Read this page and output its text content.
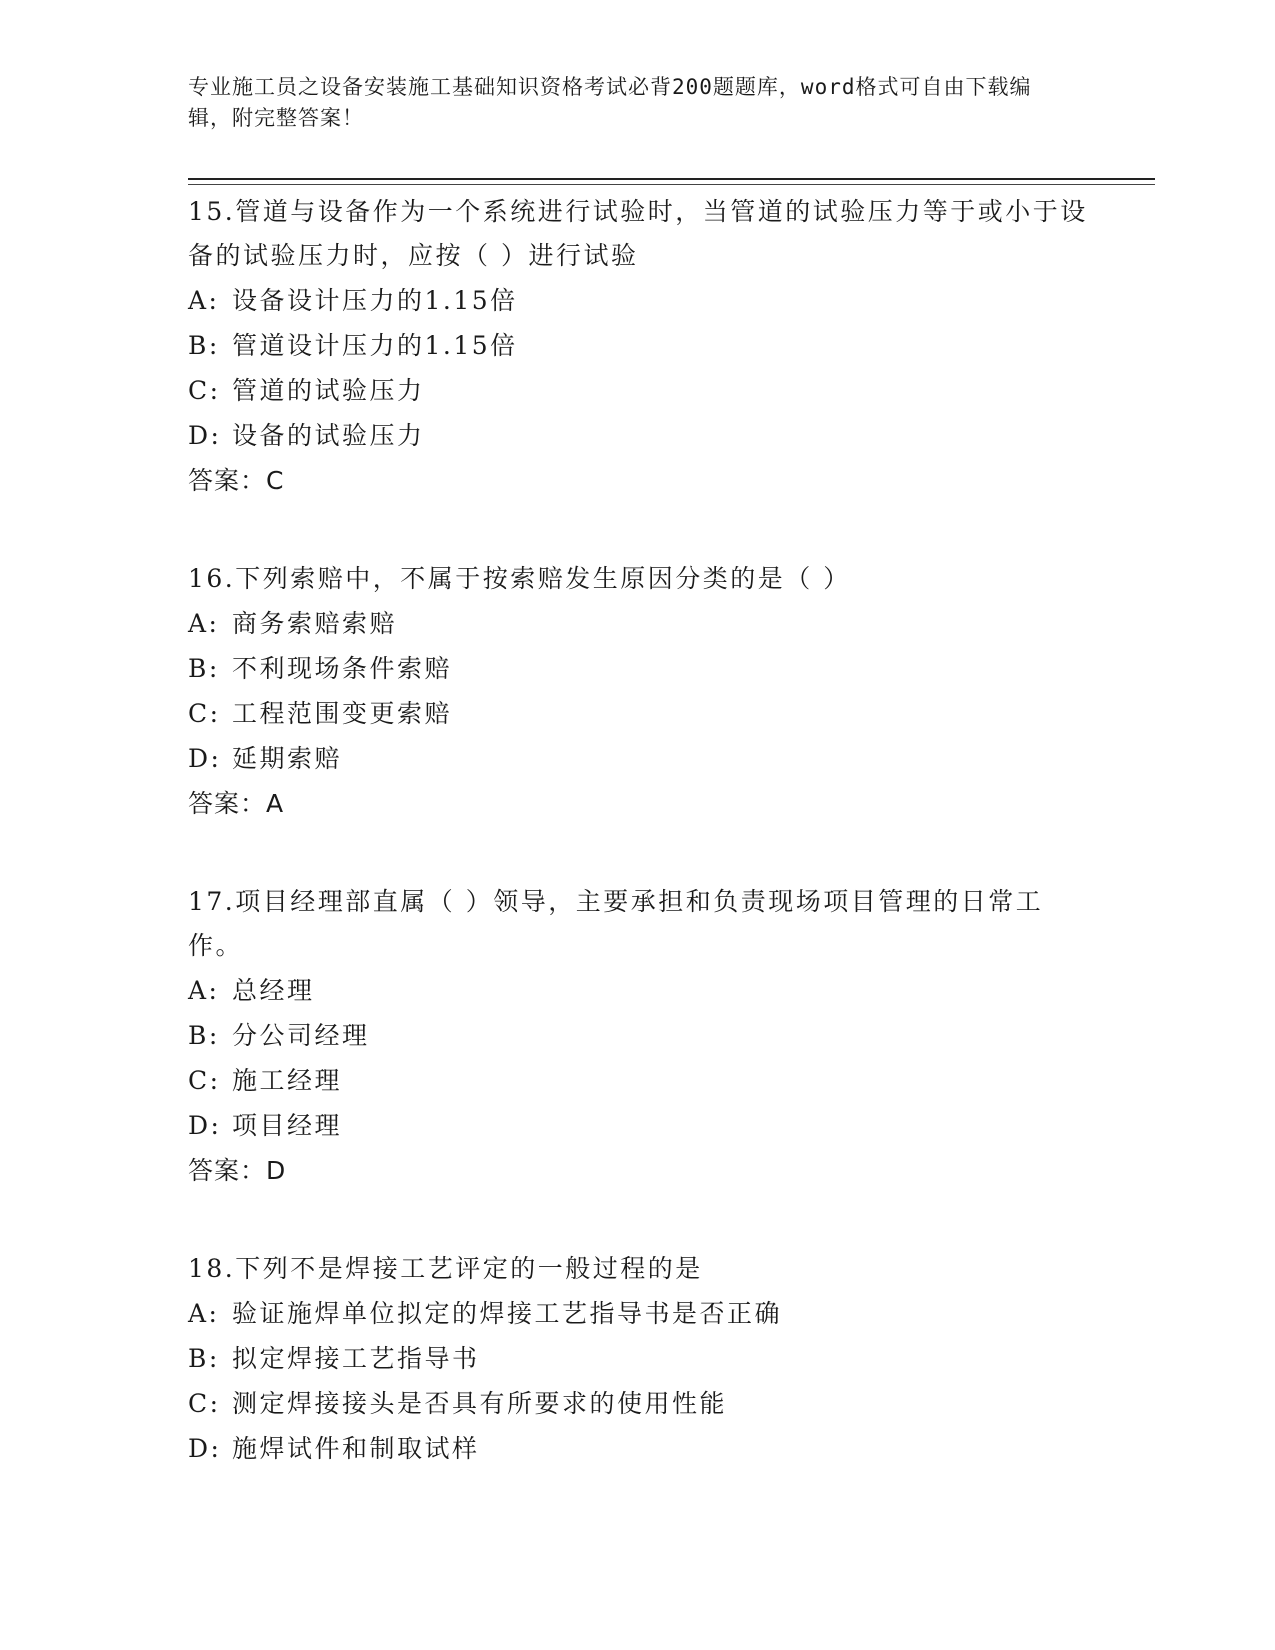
专业施工员之设备安装施工基础知识资格考试必背200题题库，word格式可自由下载编辑，附完整答案！

15.管道与设备作为一个系统进行试验时，当管道的试验压力等于或小于设备的试验压力时，应按（ ）进行试验

A: 设备设计压力的1.15倍

B: 管道设计压力的1.15倍

C: 管道的试验压力

D: 设备的试验压力

答案：C

16.下列索赔中，不属于按索赔发生原因分类的是（ ）

A: 商务索赔索赔

B: 不利现场条件索赔

C: 工程范围变更索赔

D: 延期索赔

答案：A

17.项目经理部直属（ ）领导，主要承担和负责现场项目管理的日常工作。

A: 总经理

B: 分公司经理

C: 施工经理

D: 项目经理

答案：D

18.下列不是焊接工艺评定的一般过程的是

A: 验证施焊单位拟定的焊接工艺指导书是否正确

B: 拟定焊接工艺指导书

C: 测定焊接接头是否具有所要求的使用性能

D: 施焊试件和制取试样
